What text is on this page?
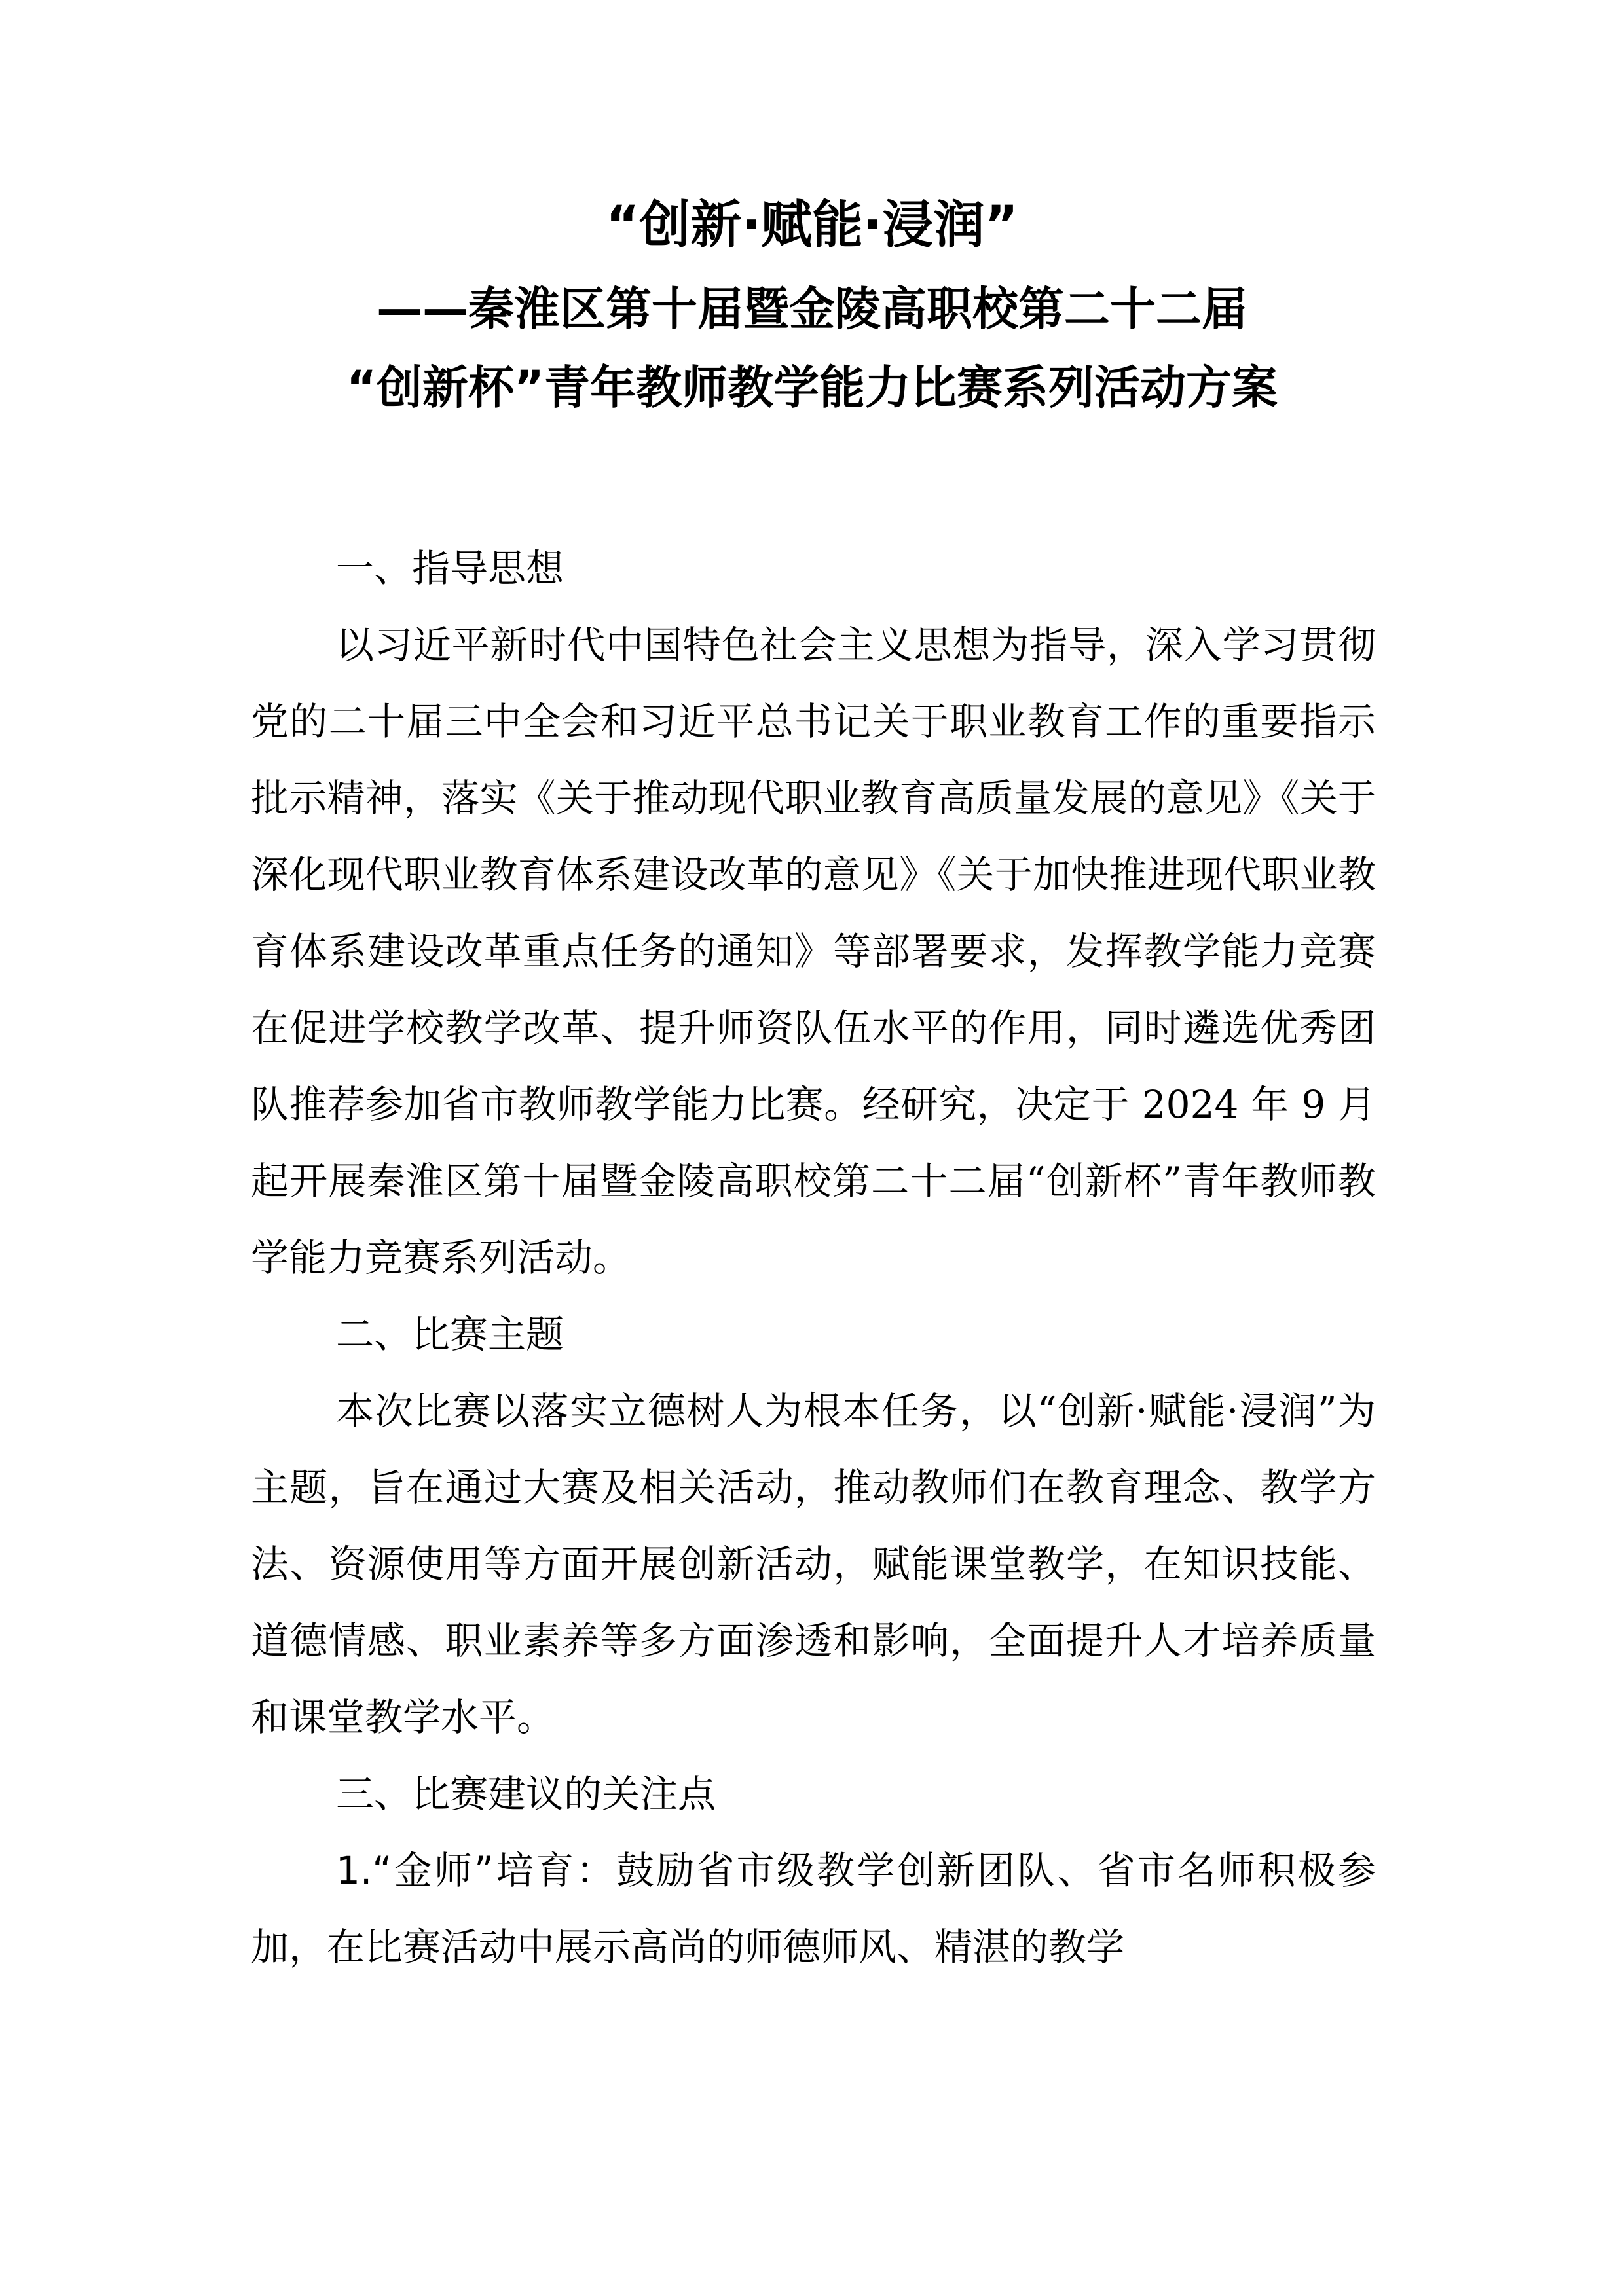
“创新·赋能·浸润”
——秦淮区第十届暨金陵高职校第二十二届
“创新杯”青年教师教学能力比赛系列活动方案
一、指导思想

以习近平新时代中国特色社会主义思想为指导，深入学习贯彻党的二十届三中全会和习近平总书记关于职业教育工作的重要指示批示精神，落实《关于推动现代职业教育高质量发展的意见》《关于深化现代职业教育体系建设改革的意见》《关于加快推进现代职业教育体系建设改革重点任务的通知》等部署要求，发挥教学能力竞赛在促进学校教学改革、提升师资队伍水平的作用，同时遴选优秀团队推荐参加省市教师教学能力比赛。经研究，决定于 2024 年 9 月起开展秦淮区第十届暨金陵高职校第二十二届“创新杯”青年教师教学能力竞赛系列活动。

二、比赛主题

本次比赛以落实立德树人为根本任务，以“创新·赋能·浸润”为主题，旨在通过大赛及相关活动，推动教师们在教育理念、教学方法、资源使用等方面开展创新活动，赋能课堂教学，在知识技能、道德情感、职业素养等多方面渗透和影响，全面提升人才培养质量和课堂教学水平。

三、比赛建议的关注点

1.“金师”培育：鼓励省市级教学创新团队、省市名师积极参加，在比赛活动中展示高尚的师德师风、精湛的教学
